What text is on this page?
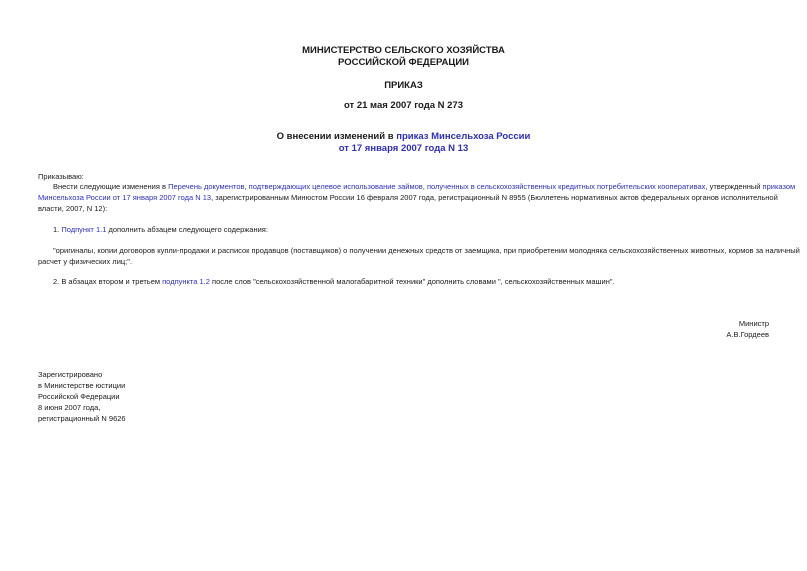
МИНИСТЕРСТВО СЕЛЬСКОГО ХОЗЯЙСТВА
РОССИЙСКОЙ ФЕДЕРАЦИИ
ПРИКАЗ
от 21 мая 2007 года N 273
О внесении изменений в приказ Минсельхоза России
от 17 января 2007 года N 13
Приказываю:
Внести следующие изменения в Перечень документов, подтверждающих целевое использование займов, полученных в сельскохозяйственных кредитных потребительских кооперативах, утвержденный приказом
Минсельхоза России от 17 января 2007 года N 13, зарегистрированным Минюстом России 16 февраля 2007 года, регистрационный N 8955 (Бюллетень нормативных актов федеральных органов исполнительной
власти, 2007, N 12):
1. Подпункт 1.1 дополнить абзацем следующего содержания:
"оригиналы, копии договоров купли-продажи и расписок продавцов (поставщиков) о получении денежных средств от заемщика, при приобретении молодняка сельскохозяйственных животных, кормов за наличный
расчет у физических лиц;".
2. В абзацах втором и третьем подпункта 1.2 после слов "сельскохозяйственной малогабаритной техники" дополнить словами ", сельскохозяйственных машин".
Министр
А.В.Гордеев
Зарегистрировано
в Министерстве юстиции
Российской Федерации
8 июня 2007 года,
регистрационный N 9626
